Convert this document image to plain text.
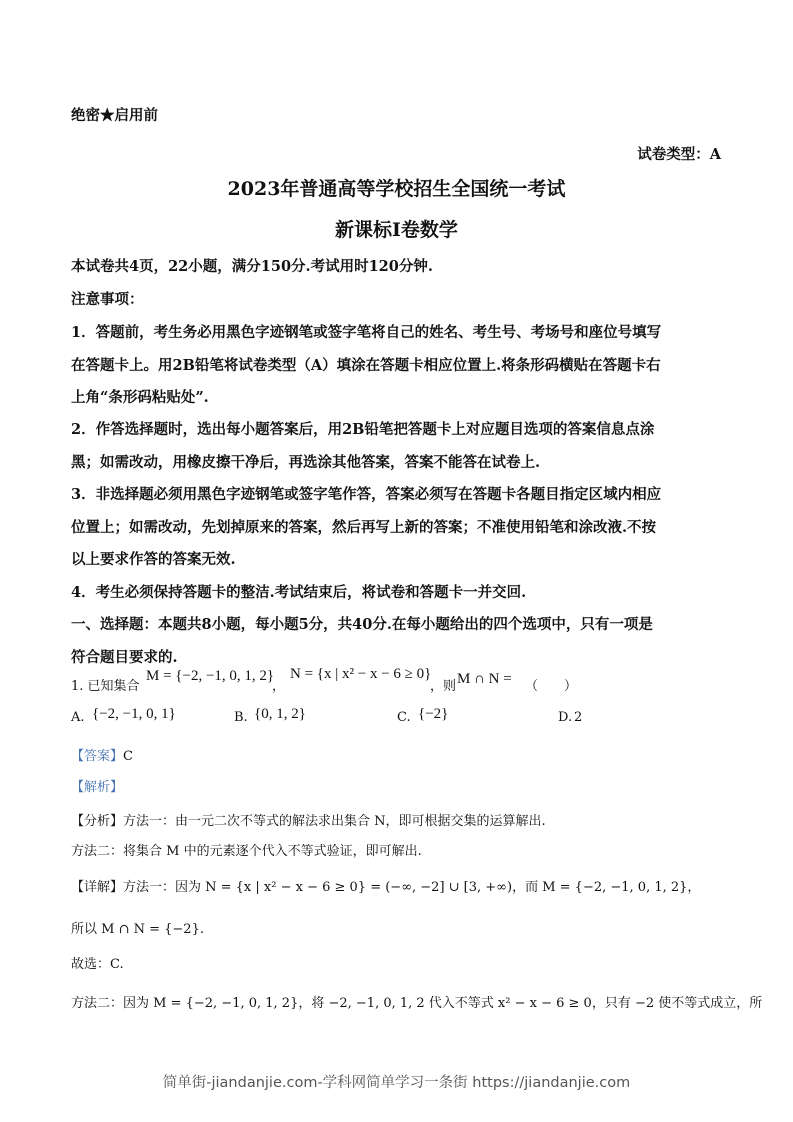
绝密★启用前
试卷类型：A
2023年普通高等学校招生全国统一考试
新课标Ⅰ卷数学
本试卷共4页，22小题，满分150分.考试用时120分钟.
注意事项：
1．答题前，考生务必用黑色字迹钢笔或签字笔将自己的姓名、考生号、考场号和座位号填写
在答题卡上。用2B铅笔将试卷类型（A）填涂在答题卡相应位置上.将条形码横贴在答题卡右
上角“条形码粘贴处”.
2．作答选择题时，选出每小题答案后，用2B铅笔把答题卡上对应题目选项的答案信息点涂
黑；如需改动，用橡皮擦干净后，再选涂其他答案，答案不能答在试卷上.
3．非选择题必须用黑色字迹钢笔或签字笔作答，答案必须写在答题卡各题目指定区域内相应
位置上；如需改动，先划掉原来的答案，然后再写上新的答案；不准使用铅笔和涂改液.不按
以上要求作答的答案无效.
4．考生必须保持答题卡的整洁.考试结束后，将试卷和答题卡一并交回.
一、选择题：本题共8小题，每小题5分，共40分.在每小题给出的四个选项中，只有一项是
符合题目要求的.
1. 已知集合
M = {−2, −1, 0, 1, 2}
，
N = {x | x² − x − 6 ≥ 0}
，则 M ∩ N = （　　）
A. {−2, −1, 0, 1}	B. {0, 1, 2}	C. {−2}	D. 2
【答案】C
【解析】
【分析】方法一：由一元二次不等式的解法求出集合 N，即可根据交集的运算解出.
方法二：将集合 M 中的元素逐个代入不等式验证，即可解出.
【详解】方法一：因为 N = {x | x² − x − 6 ≥ 0} = (−∞, −2] ∪ [3, +∞)，而 M = {−2, −1, 0, 1, 2}，
所以 M ∩ N = {−2}.
故选：C.
方法二：因为 M = {−2, −1, 0, 1, 2}，将 −2, −1, 0, 1, 2 代入不等式 x² − x − 6 ≥ 0，只有 −2 使不等式成立，所
简单街-jiandanjie.com-学科网简单学习一条街 https://jiandanjie.com
